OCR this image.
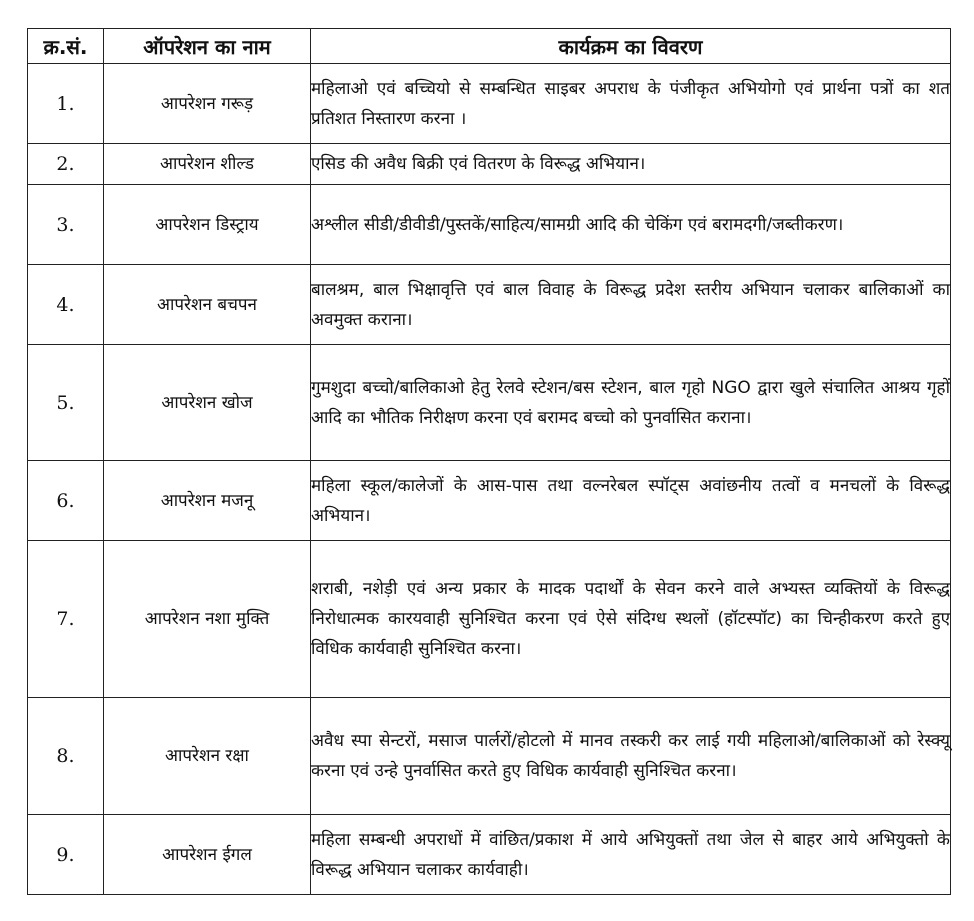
क्र.सं.	ऑपरेशन का नाम	कार्यक्रम का विवरण
1.	आपरेशन गरूड़	महिलाओ एवं बच्चियो से सम्बन्धित साइबर अपराध के पंजीकृत अभियोगो एवं प्रार्थना पत्रों का शत प्रतिशत निस्तारण करना ।
2.	आपरेशन शील्ड	एसिड की अवैध बिक्री एवं वितरण के विरूद्ध अभियान।
3.	आपरेशन डिस्ट्राय	अश्लील सीडी/डीवीडी/पुस्तकें/साहित्य/सामग्री आदि की चेकिंग एवं बरामदगी/जब्तीकरण।
4.	आपरेशन बचपन	बालश्रम, बाल भिक्षावृत्ति एवं बाल विवाह के विरूद्ध प्रदेश स्तरीय अभियान चलाकर बालिकाओं का अवमुक्त कराना।
5.	आपरेशन खोज	गुमशुदा बच्चो/बालिकाओ हेतु रेलवे स्टेशन/बस स्टेशन, बाल गृहो NGO द्वारा खुले संचालित आश्रय गृहों आदि का भौतिक निरीक्षण करना एवं बरामद बच्चो को पुनर्वासित कराना।
6.	आपरेशन मजनू	महिला स्कूल/कालेजों के आस-पास तथा वल्नरेबल स्पॉट्स अवांछनीय तत्वों व मनचलों के विरूद्ध अभियान।
7.	आपरेशन नशा मुक्ति	शराबी, नशेड़ी एवं अन्य प्रकार के मादक पदार्थों के सेवन करने वाले अभ्यस्त व्यक्तियों के विरूद्ध निरोधात्मक कारयवाही सुनिश्चित करना एवं ऐसे संदिग्ध स्थलों (हॉटस्पॉट) का चिन्हीकरण करते हुए विधिक कार्यवाही सुनिश्चित करना।
8.	आपरेशन रक्षा	अवैध स्पा सेन्टरों, मसाज पार्लरों/होटलो में मानव तस्करी कर लाई गयी महिलाओ/बालिकाओं को रेस्क्यू करना एवं उन्हे पुनर्वासित करते हुए विधिक कार्यवाही सुनिश्चित करना।
9.	आपरेशन ईगल	महिला सम्बन्धी अपराधों में वांछित/प्रकाश में आये अभियुक्तों तथा जेल से बाहर आये अभियुक्तो के विरूद्ध अभियान चलाकर कार्यवाही।
